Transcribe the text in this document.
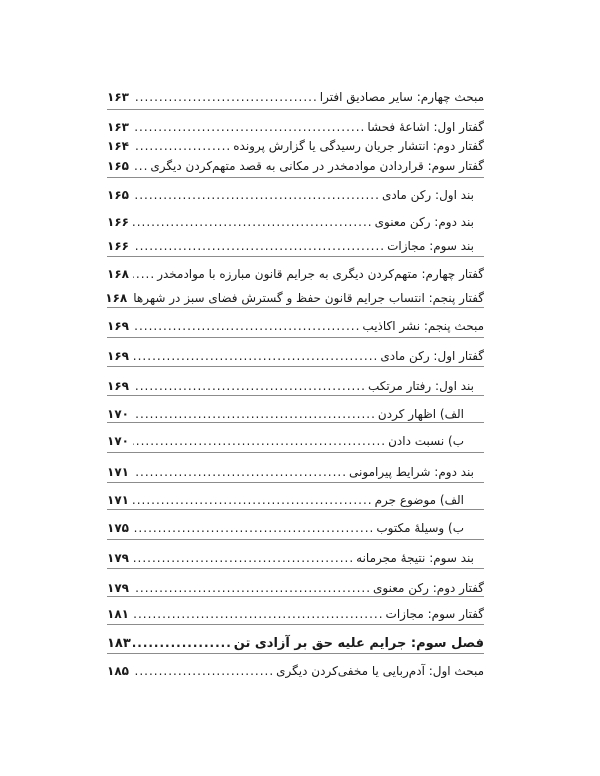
مبحث چهارم: سایر مصادیق افترا
.....
۱۶۳
گفتار اول: اشاعهٔ فحشا
.....
۱۶۳
گفتار دوم: انتشار جریان رسیدگی یا گزارش پرونده
.....
۱۶۴
گفتار سوم: قراردادن موادمخدر در مکانی به قصد متهم‌کردن دیگری
.....
۱۶۵
بند اول: رکن مادی
.....
۱۶۵
بند دوم: رکن معنوی
.....
۱۶۶
بند سوم: مجازات
.....
۱۶۶
گفتار چهارم: متهم‌کردن دیگری به جرایم قانون مبارزه با موادمخدر
.....
۱۶۸
گفتار پنجم: انتساب جرایم قانون حفظ و گسترش فضای سبز در شهرها
۱۶۸
مبحث پنجم: نشر اکاذیب
.....
۱۶۹
گفتار اول: رکن مادی
.....
۱۶۹
بند اول: رفتار مرتکب
.....
۱۶۹
الف) اظهار کردن
.....
۱۷۰
ب) نسبت دادن
.....
۱۷۰
بند دوم: شرایط پیرامونی
.....
۱۷۱
الف) موضوع جرم
.....
۱۷۱
ب) وسیلهٔ مکتوب
.....
۱۷۵
بند سوم: نتیجهٔ مجرمانه
.....
۱۷۹
گفتار دوم: رکن معنوی
.....
۱۷۹
گفتار سوم: مجازات
.....
۱۸۱
فصل سوم: جرایم علیه حق بر آزادی تن
.....
۱۸۳
مبحث اول: آدم‌ربایی یا مخفی‌کردن دیگری
.....
۱۸۵
